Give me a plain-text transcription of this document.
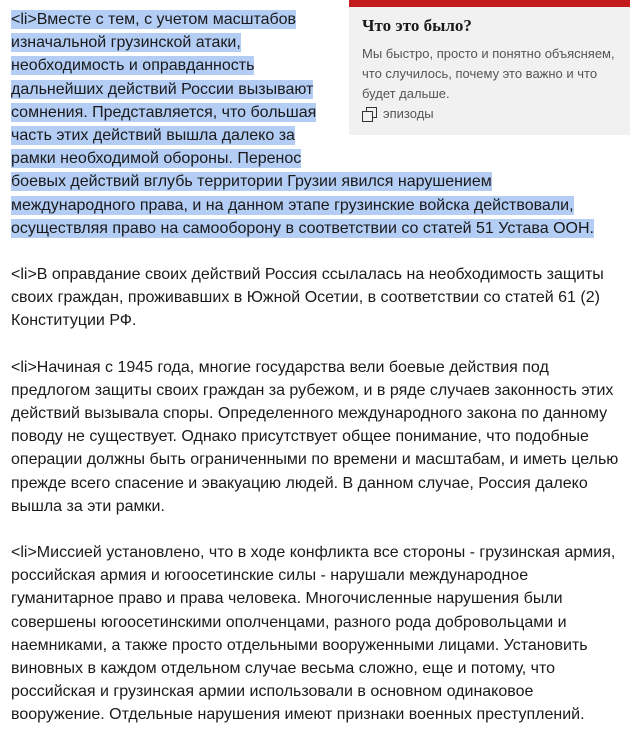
<li>Вместе с тем, с учетом масштабов
изначальной грузинской атаки,
необходимость и оправданность
дальнейших действий России вызывают
сомнения. Представляется, что большая
часть этих действий вышла далеко за
рамки необходимой обороны. Перенос
боевых действий вглубь территории Грузии явился нарушением
международного права, и на данном этапе грузинские войска действовали,
осуществляя право на самооборону в соответствии со статей 51 Устава ООН.

<li>В оправдание своих действий Россия ссылалась на необходимость защиты своих граждан, проживавших в Южной Осетии, в соответствии со статей 61 (2) Конституции РФ.

<li>Начиная с 1945 года, многие государства вели боевые действия под предлогом защиты своих граждан за рубежом, и в ряде случаев законность этих действий вызывала споры. Определенного международного закона по данному поводу не существует. Однако присутствует общее понимание, что подобные операции должны быть ограниченными по времени и масштабам, и иметь целью прежде всего спасение и эвакуацию людей. В данном случае, Россия далеко вышла за эти рамки.

<li>Миссией установлено, что в ходе конфликта все стороны - грузинская армия, российская армия и югоосетинские силы - нарушали международное гуманитарное право и права человека. Многочисленные нарушения были совершены югоосетинскими ополченцами, разного рода добровольцами и наемниками, а также просто отдельными вооруженными лицами. Установить виновных в каждом отдельном случае весьма сложно, еще и потому, что российская и грузинская армии использовали в основном одинаковое вооружение. Отдельные нарушения имеют признаки военных преступлений.

Что это было?

Мы быстро, просто и понятно объясняем, что случилось, почему это важно и что будет дальше.

эпизоды
